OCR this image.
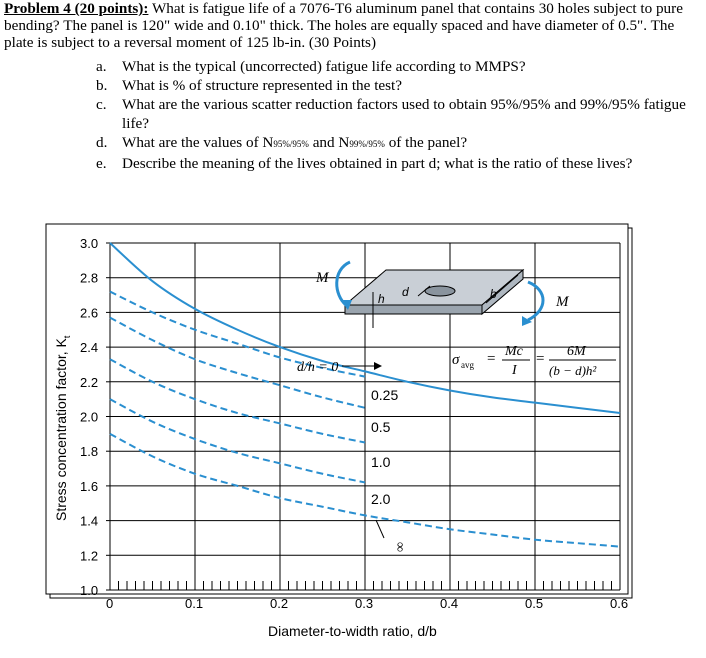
Problem 4 (20 points): What is fatigue life of a 7076-T6 aluminum panel that contains 30 holes subject to pure bending? The panel is 120" wide and 0.10" thick. The holes are equally spaced and have diameter of 0.5". The plate is subject to a reversal moment of 125 lb-in. (30 Points)
a. What is the typical (uncorrected) fatigue life according to MMPS?
b. What is % of structure represented in the test?
c. What are the various scatter reduction factors used to obtain 95%/95% and 99%/95% fatigue life?
d. What are the values of N95%/95% and N99%/95% of the panel?
e. Describe the meaning of the lives obtained in part d; what is the ratio of these lives?
1.0
1.2
1.4
1.6
1.8
2.0
2.2
2.4
2.6
2.8
3.0
0	0.1	0.2	0.3	0.4	0.5	0.6
h d	b
M
M
σ avg = Mc
I
= 6M
(b − d)h²
d/h = 0
0.25
0.5
1.0
2.0
∞
Diameter-to-width ratio, d/b
Stress concentration factor, $K_t$
